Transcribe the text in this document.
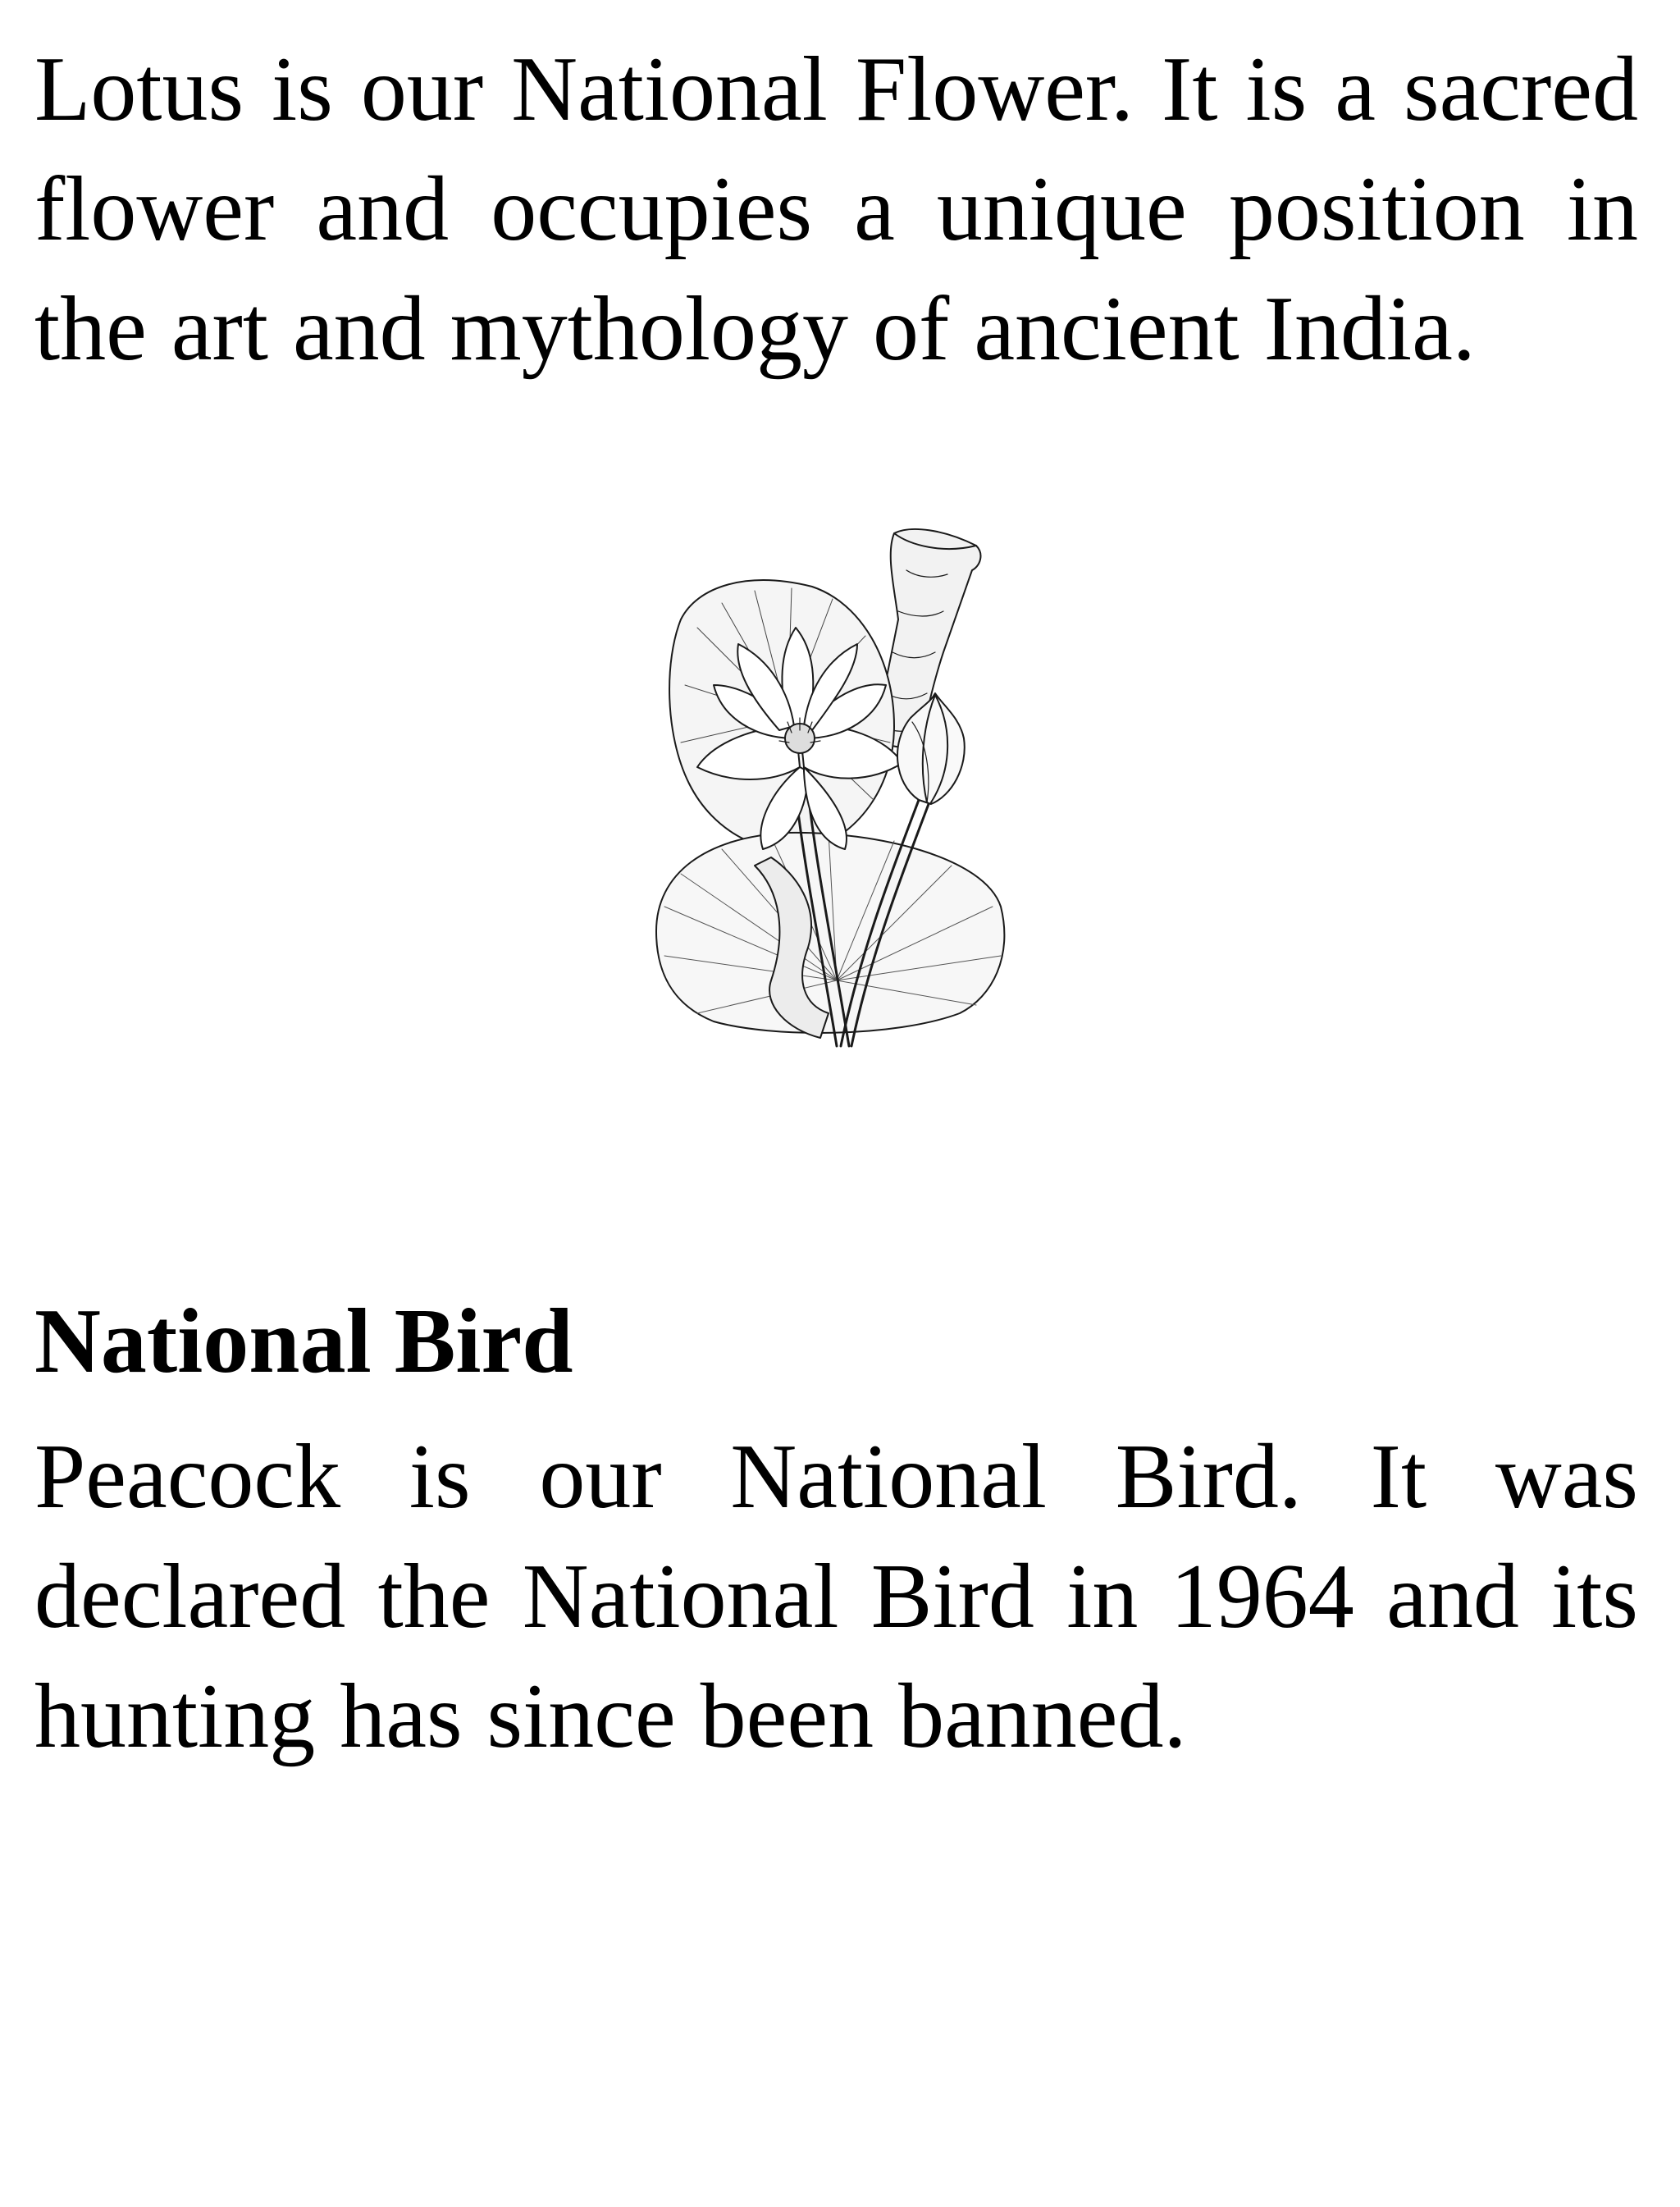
Lotus is our National Flower. It is a sacred flower and occupies a unique position in the art and mythology of ancient India.

National Bird

Peacock is our National Bird. It was declared the National Bird in 1964 and its hunting has since been banned.
